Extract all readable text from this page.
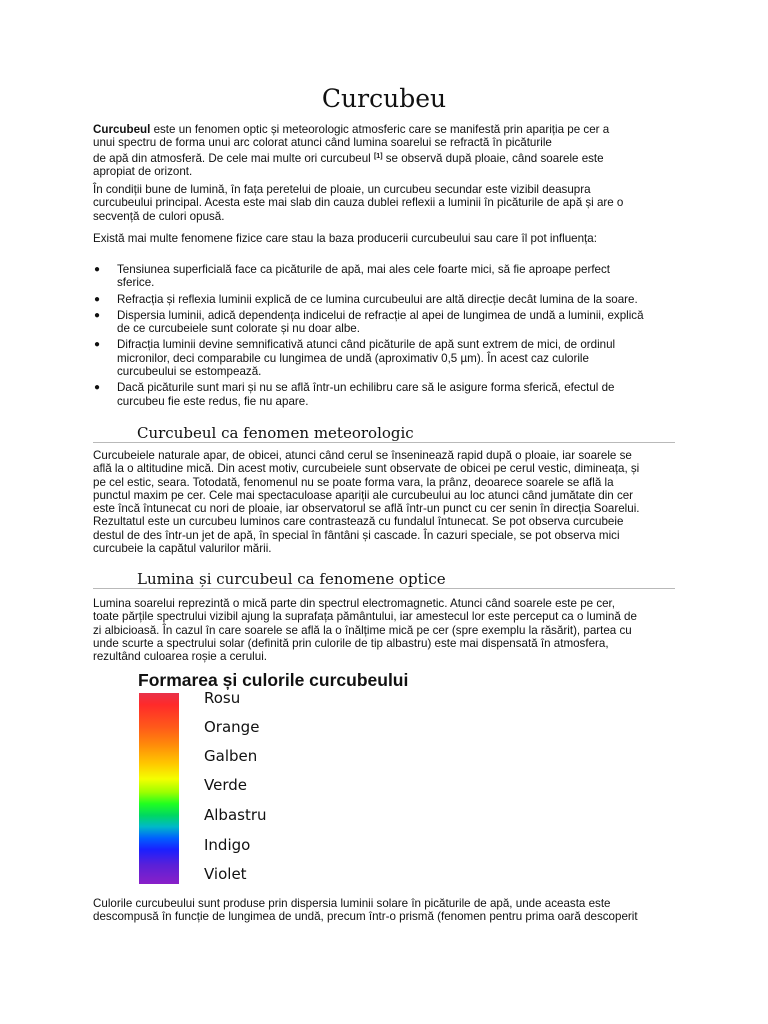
Curcubeu
Curcubeul este un fenomen optic și meteorologic atmosferic care se manifestă prin apariția pe cer a
unui spectru de forma unui arc colorat atunci când lumina soarelui se refractă în picăturile
de apă din atmosferă. De cele mai multe ori curcubeul [1] se observă după ploaie, când soarele este
apropiat de orizont.
În condiții bune de lumină, în fața peretelui de ploaie, un curcubeu secundar este vizibil deasupra
curcubeului principal. Acesta este mai slab din cauza dublei reflexii a luminii în picăturile de apă și are o
secvență de culori opusă.
Există mai multe fenomene fizice care stau la baza producerii curcubeului sau care îl pot influența:
● Tensiunea superficială face ca picăturile de apă, mai ales cele foarte mici, să fie aproape perfect
sferice.
● Refracția și reflexia luminii explică de ce lumina curcubeului are altă direcție decât lumina de la soare.
● Dispersia luminii, adică dependența indicelui de refracție al apei de lungimea de undă a luminii, explică
de ce curcubeiele sunt colorate și nu doar albe.
● Difracția luminii devine semnificativă atunci când picăturile de apă sunt extrem de mici, de ordinul
micronilor, deci comparabile cu lungimea de undă (aproximativ 0,5 µm). În acest caz culorile
curcubeului se estompează.
● Dacă picăturile sunt mari și nu se află într-un echilibru care să le asigure forma sferică, efectul de
curcubeu fie este redus, fie nu apare.
Curcubeul ca fenomen meteorologic
Curcubeiele naturale apar, de obicei, atunci când cerul se înseninează rapid după o ploaie, iar soarele se
află la o altitudine mică. Din acest motiv, curcubeiele sunt observate de obicei pe cerul vestic, dimineața, și
pe cel estic, seara. Totodată, fenomenul nu se poate forma vara, la prânz, deoarece soarele se află la
punctul maxim pe cer. Cele mai spectaculoase apariții ale curcubeului au loc atunci când jumătate din cer
este încă întunecat cu nori de ploaie, iar observatorul se află într-un punct cu cer senin în direcția Soarelui.
Rezultatul este un curcubeu luminos care contrastează cu fundalul întunecat. Se pot observa curcubeie
destul de des într-un jet de apă, în special în fântâni și cascade. În cazuri speciale, se pot observa mici
curcubeie la capătul valurilor mării.
Lumina și curcubeul ca fenomene optice
Lumina soarelui reprezintă o mică parte din spectrul electromagnetic. Atunci când soarele este pe cer,
toate părțile spectrului vizibil ajung la suprafața pământului, iar amestecul lor este perceput ca o lumină de
zi albicioasă. În cazul în care soarele se află la o înălțime mică pe cer (spre exemplu la răsărit), partea cu
unde scurte a spectrului solar (definită prin culorile de tip albastru) este mai dispensată în atmosfera,
rezultând culoarea roșie a cerului.
Formarea și culorile curcubeului
Rosu
Orange
Galben
Verde
Albastru
Indigo
Violet
Culorile curcubeului sunt produse prin dispersia luminii solare în picăturile de apă, unde aceasta este
descompusă în funcție de lungimea de undă, precum într-o prismă (fenomen pentru prima oară descoperit
